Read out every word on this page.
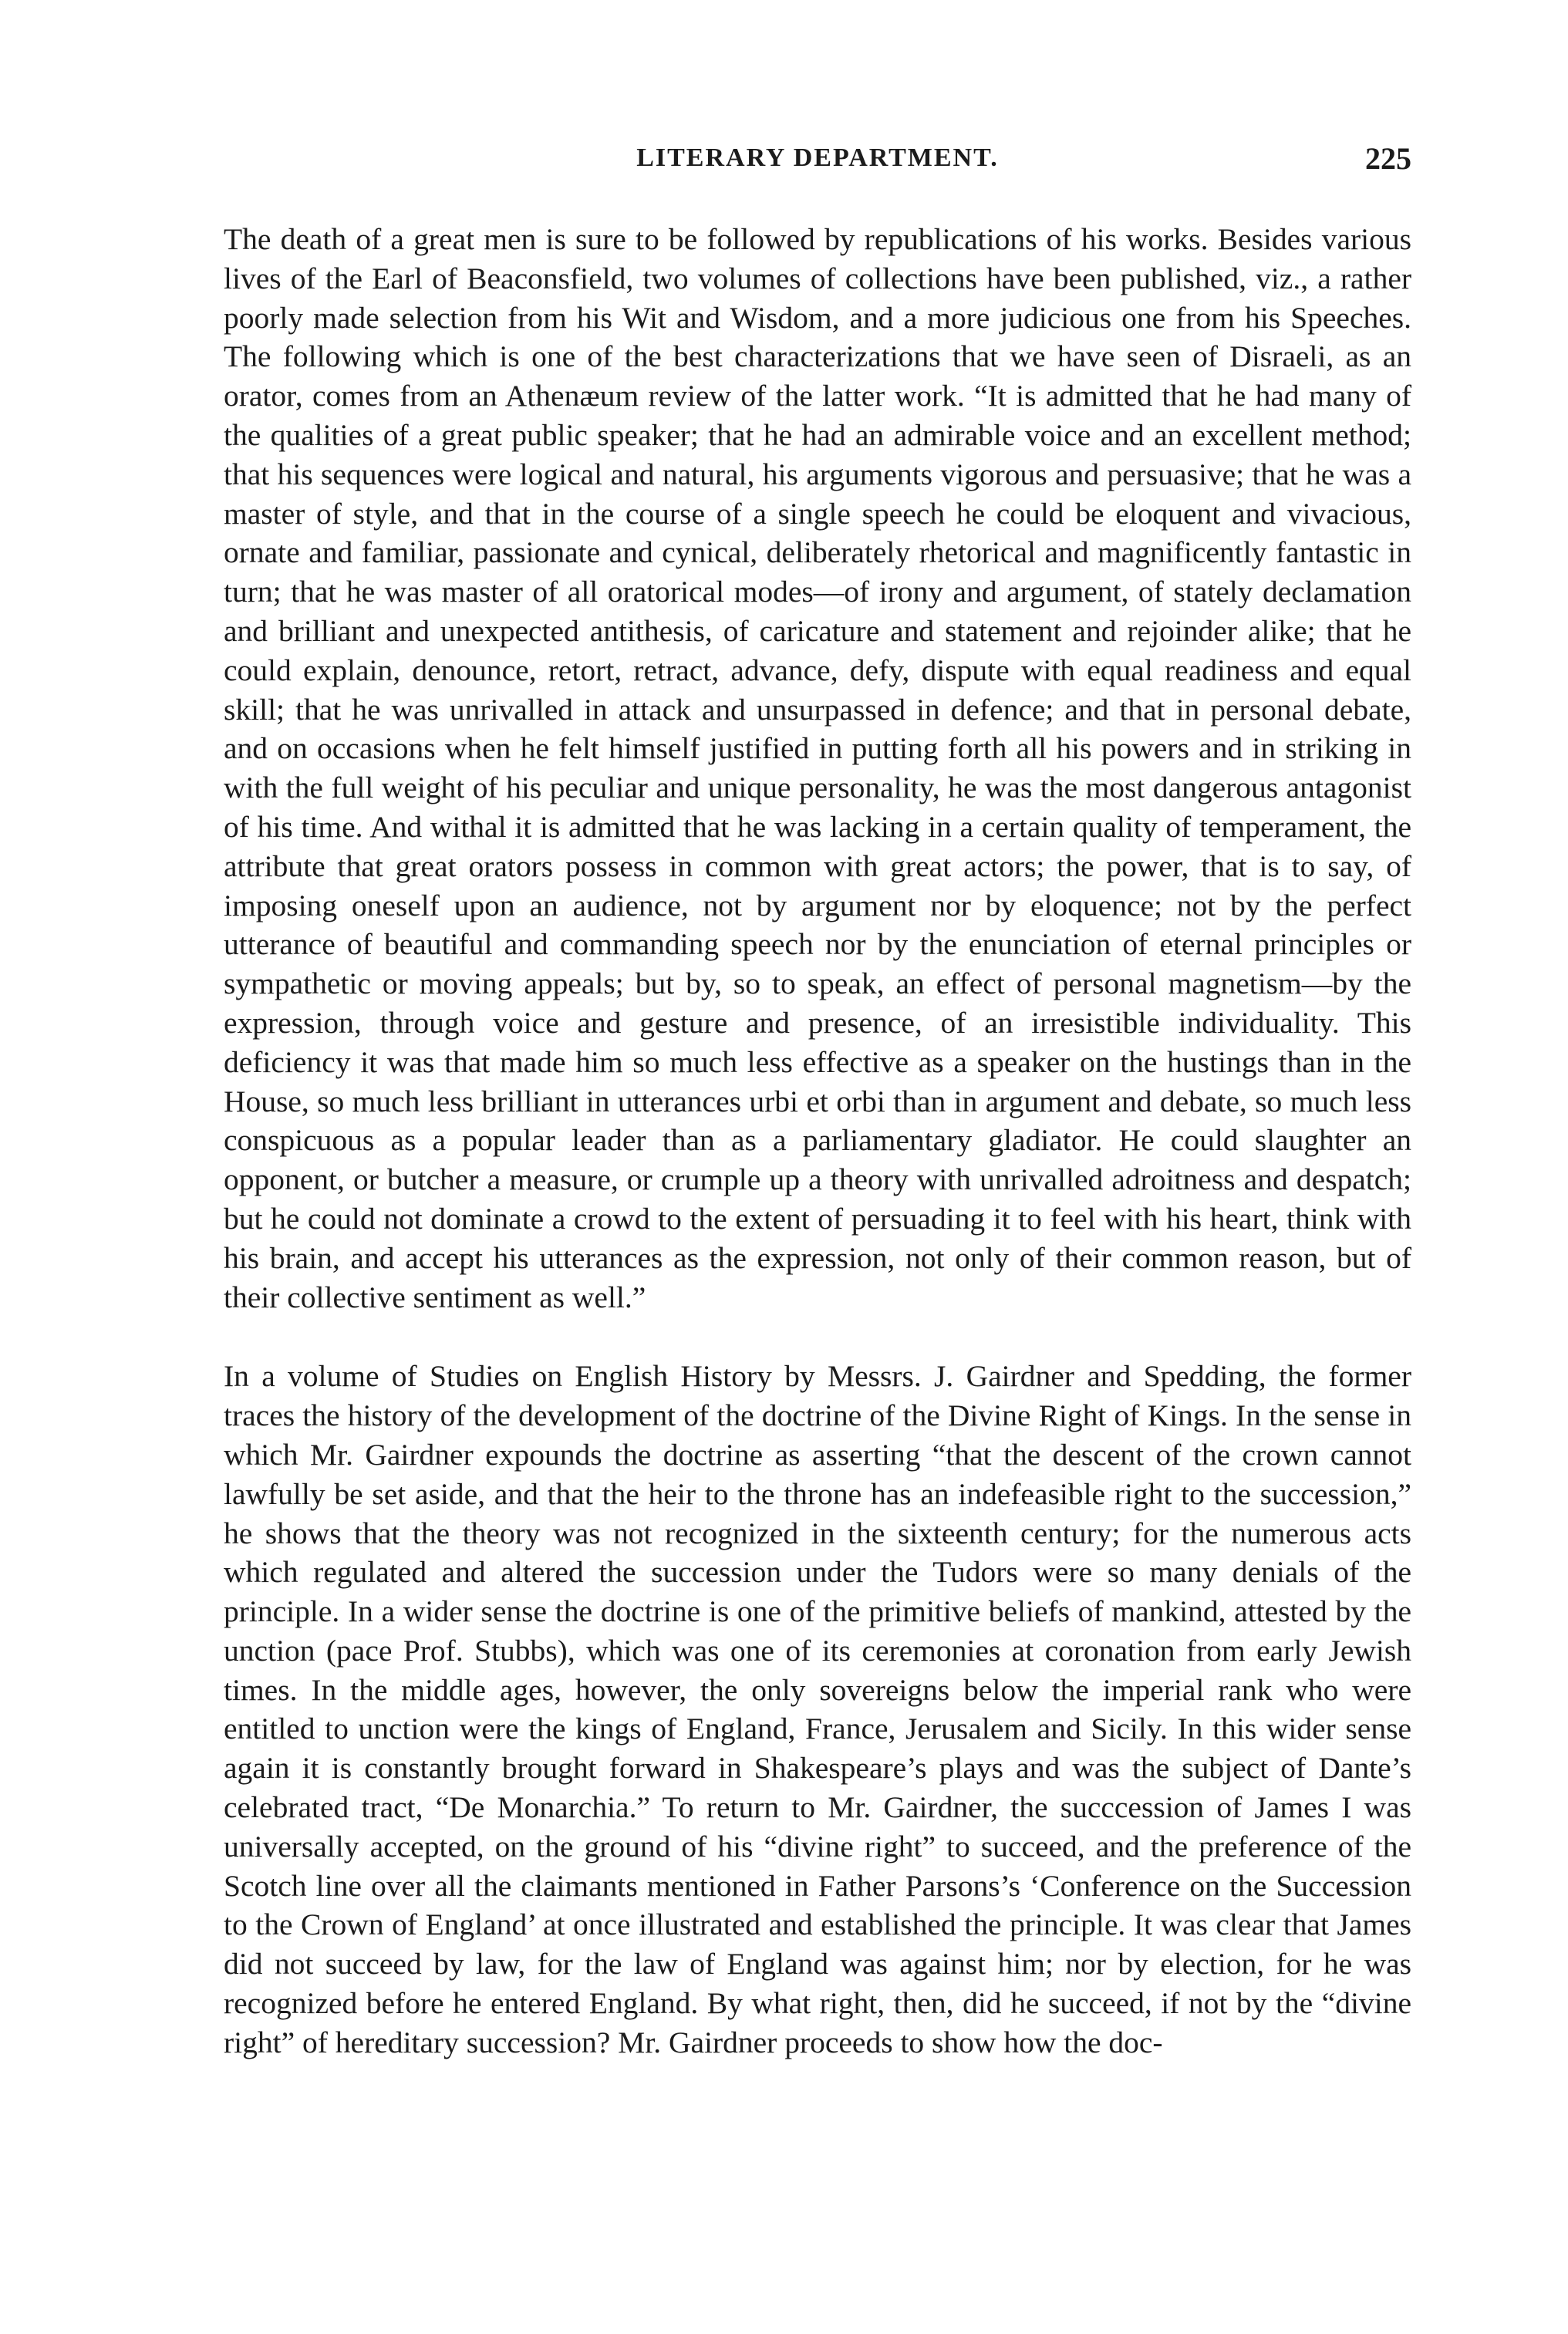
LITERARY DEPARTMENT.	225

The death of a great men is sure to be followed by republications of his works. Besides various lives of the Earl of Beaconsfield, two volumes of collections have been published, viz., a rather poorly made selection from his Wit and Wisdom, and a more judicious one from his Speeches. The following which is one of the best characterizations that we have seen of Disraeli, as an orator, comes from an Athenæum review of the latter work. “It is admitted that he had many of the qualities of a great public speaker; that he had an admirable voice and an excellent method; that his sequences were logical and natural, his arguments vigorous and persuasive; that he was a master of style, and that in the course of a single speech he could be eloquent and vivacious, ornate and familiar, passionate and cynical, deliberately rhetorical and magnificently fantastic in turn; that he was master of all oratorical modes—of irony and argument, of stately declamation and brilliant and unexpected antithesis, of caricature and statement and rejoinder alike; that he could explain, denounce, retort, retract, advance, defy, dispute with equal readiness and equal skill; that he was unrivalled in attack and unsurpassed in defence; and that in personal debate, and on occasions when he felt himself justified in putting forth all his powers and in striking in with the full weight of his peculiar and unique personality, he was the most dangerous antagonist of his time. And withal it is admitted that he was lacking in a certain quality of temperament, the attribute that great orators possess in common with great actors; the power, that is to say, of imposing oneself upon an audience, not by argument nor by eloquence; not by the perfect utterance of beautiful and commanding speech nor by the enunciation of eternal principles or sympathetic or moving appeals; but by, so to speak, an effect of personal magnetism—by the expression, through voice and gesture and presence, of an irresistible individuality. This deficiency it was that made him so much less effective as a speaker on the hustings than in the House, so much less brilliant in utterances urbi et orbi than in argument and debate, so much less conspicuous as a popular leader than as a parliamentary gladiator. He could slaughter an opponent, or butcher a measure, or crumple up a theory with unrivalled adroitness and despatch; but he could not dominate a crowd to the extent of persuading it to feel with his heart, think with his brain, and accept his utterances as the expression, not only of their common reason, but of their collective sentiment as well.”

In a volume of Studies on English History by Messrs. J. Gairdner and Spedding, the former traces the history of the development of the doctrine of the Divine Right of Kings. In the sense in which Mr. Gairdner expounds the doctrine as asserting “that the descent of the crown cannot lawfully be set aside, and that the heir to the throne has an indefeasible right to the succession,” he shows that the theory was not recognized in the sixteenth century; for the numerous acts which regulated and altered the succession under the Tudors were so many denials of the principle. In a wider sense the doctrine is one of the primitive beliefs of mankind, attested by the unction (pace Prof. Stubbs), which was one of its ceremonies at coronation from early Jewish times. In the middle ages, however, the only sovereigns below the imperial rank who were entitled to unction were the kings of England, France, Jerusalem and Sicily. In this wider sense again it is constantly brought forward in Shakespeare’s plays and was the subject of Dante’s celebrated tract, “De Monarchia.” To return to Mr. Gairdner, the succcession of James I was universally accepted, on the ground of his “divine right” to succeed, and the preference of the Scotch line over all the claimants mentioned in Father Parsons’s ‘Conference on the Succession to the Crown of England’ at once illustrated and established the principle. It was clear that James did not succeed by law, for the law of England was against him; nor by election, for he was recognized before he entered England. By what right, then, did he succeed, if not by the “divine right” of hereditary succession? Mr. Gairdner proceeds to show how the doc-
